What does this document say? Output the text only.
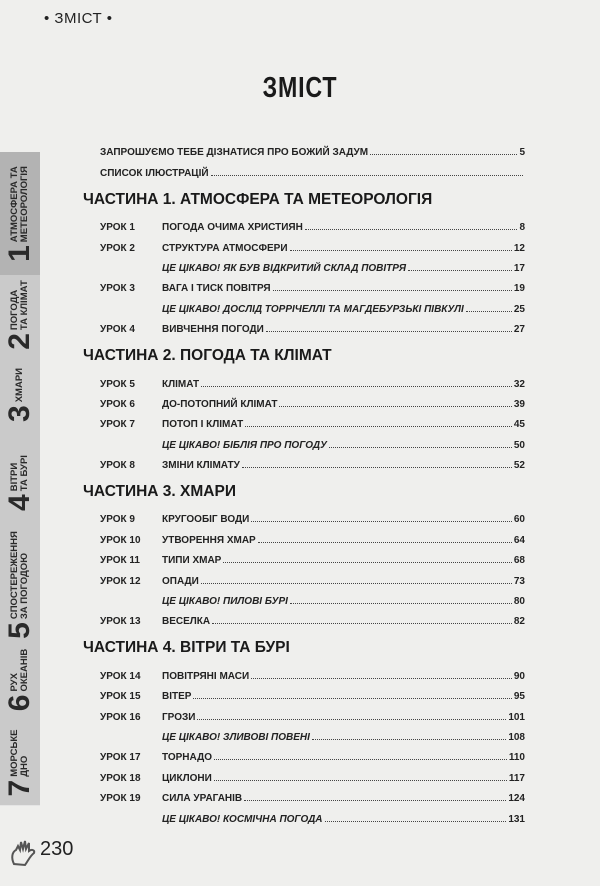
• ЗМІСТ •
ЗМІСТ
ЗАПРОШУЄМО ТЕБЕ ДІЗНАТИСЯ ПРО БОЖИЙ ЗАДУМ	5
СПИСОК ІЛЮСТРАЦІЙ
ЧАСТИНА 1. АТМОСФЕРА ТА МЕТЕОРОЛОГІЯ
УРОК 1	ПОГОДА ОЧИМА ХРИСТИЯН	8
УРОК 2	СТРУКТУРА АТМОСФЕРИ	12
ЦЕ ЦІКАВО! ЯК БУВ ВІДКРИТИЙ СКЛАД ПОВІТРЯ	17
УРОК 3	ВАГА І ТИСК ПОВІТРЯ	19
ЦЕ ЦІКАВО! ДОСЛІД ТОРРІЧЕЛЛІ ТА МАГДЕБУРЗЬКІ ПІВКУЛІ	25
УРОК 4	ВИВЧЕННЯ ПОГОДИ	27
ЧАСТИНА 2. ПОГОДА ТА КЛІМАТ
УРОК 5	КЛІМАТ	32
УРОК 6	ДО-ПОТОПНИЙ КЛІМАТ	39
УРОК 7	ПОТОП І КЛІМАТ	45
ЦЕ ЦІКАВО! БІБЛІЯ ПРО ПОГОДУ	50
УРОК 8	ЗМІНИ КЛІМАТУ	52
ЧАСТИНА 3. ХМАРИ
УРОК 9	КРУГООБІГ ВОДИ	60
УРОК 10	УТВОРЕННЯ ХМАР	64
УРОК 11	ТИПИ ХМАР	68
УРОК 12	ОПАДИ	73
ЦЕ ЦІКАВО! ПИЛОВІ БУРІ	80
УРОК 13	ВЕСЕЛКА	82
ЧАСТИНА 4. ВІТРИ ТА БУРІ
УРОК 14	ПОВІТРЯНІ МАСИ	90
УРОК 15	ВІТЕР	95
УРОК 16	ГРОЗИ	101
ЦЕ ЦІКАВО! ЗЛИВОВІ ПОВЕНІ	108
УРОК 17	ТОРНАДО	110
УРОК 18	ЦИКЛОНИ	117
УРОК 19	СИЛА УРАГАНІВ	124
ЦЕ ЦІКАВО! КОСМІЧНА ПОГОДА	131
1
АТМОСФЕРА ТА МЕТЕОРОЛОГІЯ
2
ПОГОДА ТА КЛІМАТ
3
ХМАРИ
4
ВІТРИ ТА БУРІ
5
СПОСТЕРЕЖЕННЯ ЗА ПОГОДОЮ
6
РУХ ОКЕАНІВ
7
МОРСЬКЕ ДНО
230
